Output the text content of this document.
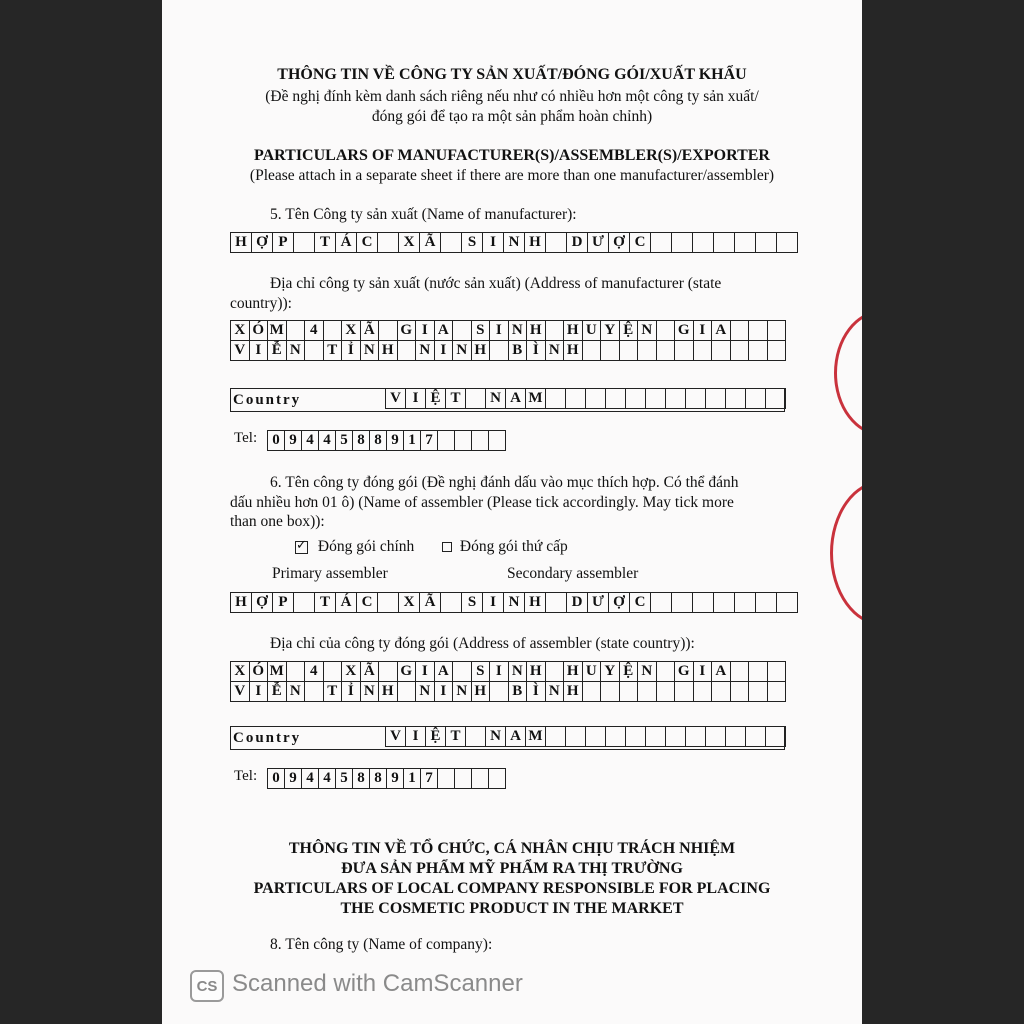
THÔNG TIN VỀ CÔNG TY SẢN XUẤT/ĐÓNG GÓI/XUẤT KHẨU
(Đề nghị đính kèm danh sách riêng nếu như có nhiều hơn một công ty sản xuất/
đóng gói để tạo ra một sản phẩm hoàn chỉnh)
PARTICULARS OF MANUFACTURER(S)/ASSEMBLER(S)/EXPORTER
(Please attach in a separate sheet if there are more than one manufacturer/assembler)
5. Tên Công ty sản xuất (Name of manufacturer):
H Ợ P	T Á C	X Ã	S I N H	D Ư Ợ C
Địa chỉ công ty sản xuất (nước sản xuất) (Address of manufacturer (state
country)):
X Ó M	4	X Ã G I A	S I N H H U Y Ệ N G I A
V I Ễ N T Ỉ N H N I N H B Ì N H
Country	V I Ệ T	N A M
Tel: 0 9 4 4 5 8 8 9 1 7
6. Tên công ty đóng gói (Đề nghị đánh dấu vào mục thích hợp. Có thể đánh
dấu nhiều hơn 01 ô) (Name of assembler (Please tick accordingly. May tick more
than one box)):
✓ Đóng gói chính	Đóng gói thứ cấp
Primary assembler	Secondary assembler
H Ợ P	T Á C	X Ã	S I N H	D Ư Ợ C
Địa chỉ của công ty đóng gói (Address of assembler (state country)):
X Ó M	4	X Ã G I A	S I N H H U Y Ệ N G I A
V I Ễ N T Ỉ N H N I N H B Ì N H
Country	V I Ệ T	N A M
Tel: 0 9 4 4 5 8 8 9 1 7
THÔNG TIN VỀ TỔ CHỨC, CÁ NHÂN CHỊU TRÁCH NHIỆM
ĐƯA SẢN PHẨM MỸ PHẨM RA THỊ TRƯỜNG
PARTICULARS OF LOCAL COMPANY RESPONSIBLE FOR PLACING
THE COSMETIC PRODUCT IN THE MARKET
8. Tên công ty (Name of company):
CS Scanned with CamScanner
